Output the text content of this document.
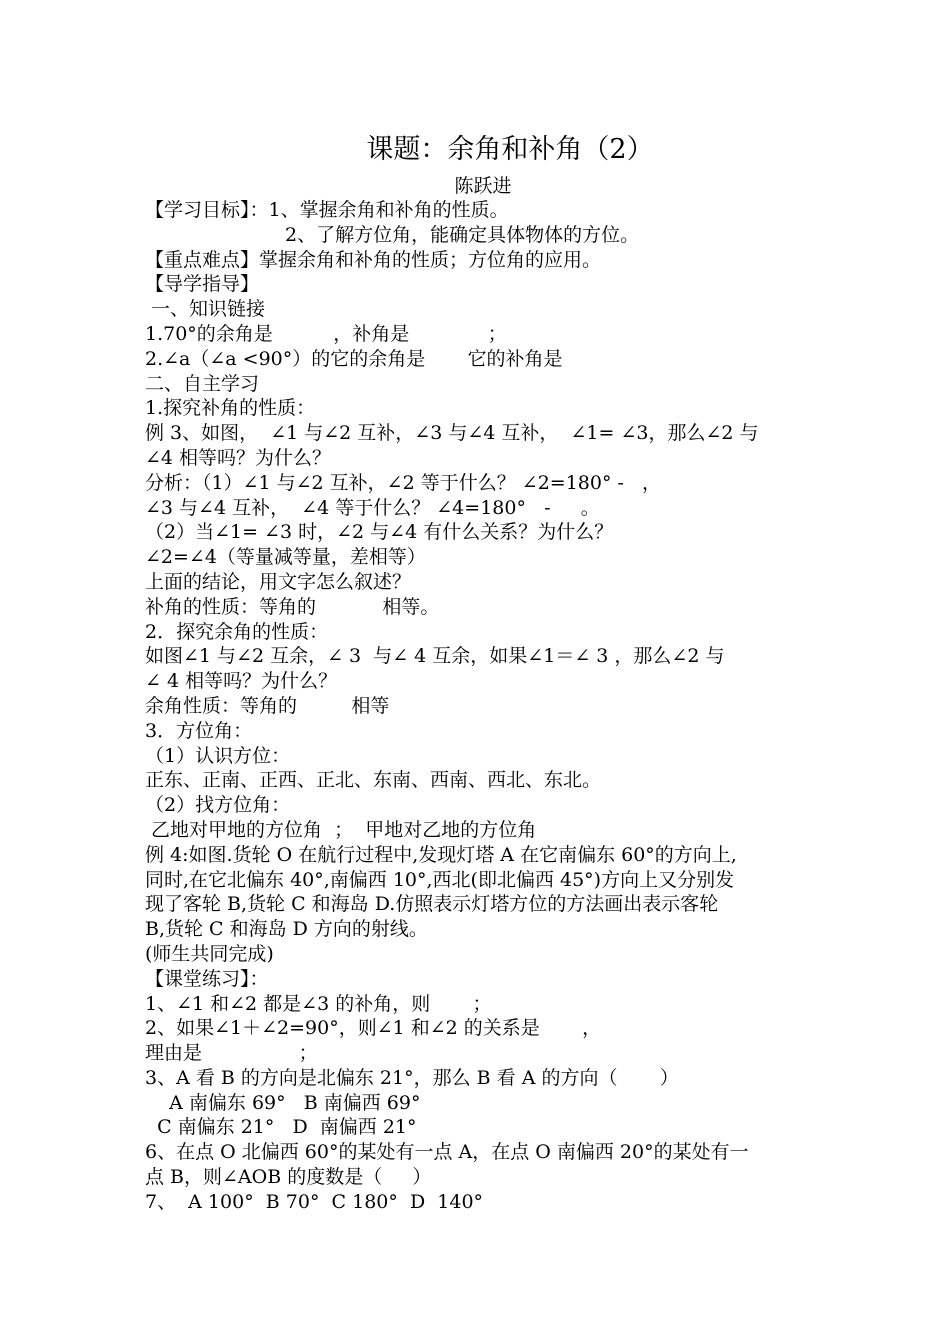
课题：余角和补角（2）
陈跃进
【学习目标】：1、掌握余角和补角的性质。
2、了解方位角，能确定具体物体的方位。
【重点难点】掌握余角和补角的性质；方位角的应用。
【导学指导】
一、知识链接
1.70°的余角是          ，补角是             ；
2.∠a（∠a <90°）的它的余角是       它的补角是
二、自主学习
1.探究补角的性质：
例 3、如图，  ∠1 与∠2 互补，∠3 与∠4 互补，  ∠1= ∠3，那么∠2 与
∠4 相等吗？为什么？
分析：（1）∠1 与∠2 互补，∠2 等于什么？ ∠2=180° -   ，
∠3 与∠4 互补，  ∠4 等于什么？ ∠4=180°   -     。
（2）当∠1= ∠3 时，∠2 与∠4 有什么关系？为什么？
∠2=∠4（等量减等量，差相等）
上面的结论，用文字怎么叙述？
补角的性质：等角的           相等。
2．探究余角的性质：
如图∠1 与∠2 互余，∠ 3  与∠ 4 互余，如果∠1＝∠ 3 ，那么∠2 与
∠ 4 相等吗？为什么？
余角性质：等角的         相等
3．方位角：
（1）认识方位：
正东、正南、正西、正北、东南、西南、西北、东北。
（2）找方位角：
乙地对甲地的方位角  ；  甲地对乙地的方位角
例 4:如图.货轮 O 在航行过程中,发现灯塔 A 在它南偏东 60°的方向上,
同时,在它北偏东 40°,南偏西 10°,西北(即北偏西 45°)方向上又分别发
现了客轮 B,货轮 C 和海岛 D.仿照表示灯塔方位的方法画出表示客轮
B,货轮 C 和海岛 D 方向的射线。
(师生共同完成)
【课堂练习】：
1、∠1 和∠2 都是∠3 的补角，则       ；
2、如果∠1＋∠2=90°，则∠1 和∠2 的关系是       ，
理由是                ；
3、A 看 B 的方向是北偏东 21°，那么 B 看 A 的方向（       ）
A 南偏东 69°   B 南偏西 69°
C 南偏东 21°   D  南偏西 21°
6、在点 O 北偏西 60°的某处有一点 A，在点 O 南偏西 20°的某处有一
点 B，则∠AOB 的度数是（     ）
7、  A 100°  B 70°  C 180°  D  140°
